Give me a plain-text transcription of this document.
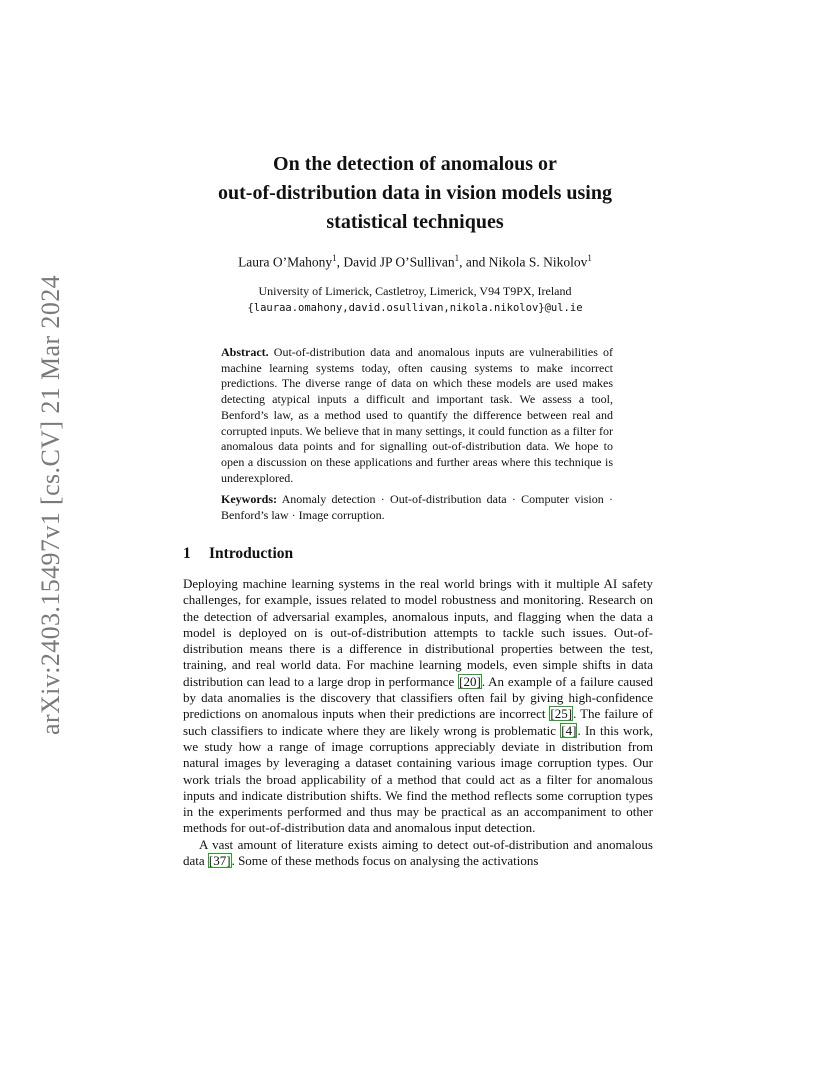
arXiv:2403.15497v1 [cs.CV] 21 Mar 2024
On the detection of anomalous or
out-of-distribution data in vision models using
statistical techniques
Laura O’Mahony$^1$, David JP O’Sullivan$^1$, and Nikola S. Nikolov$^1$
University of Limerick, Castletroy, Limerick, V94 T9PX, Ireland
{lauraa.omahony,david.osullivan,nikola.nikolov}@ul.ie
Abstract. Out-of-distribution data and anomalous inputs are vulnerabilities of machine learning systems today, often causing systems to make incorrect predictions. The diverse range of data on which these models are used makes detecting atypical inputs a difficult and important task. We assess a tool, Benford’s law, as a method used to quantify the difference between real and corrupted inputs. We believe that in many settings, it could function as a filter for anomalous data points and for signalling out-of-distribution data. We hope to open a discussion on these applications and further areas where this technique is underexplored.
Keywords: Anomaly detection · Out-of-distribution data · Computer vision · Benford’s law · Image corruption.
1 Introduction

Deploying machine learning systems in the real world brings with it multiple AI safety challenges, for example, issues related to model robustness and monitoring. Research on the detection of adversarial examples, anomalous inputs, and flagging when the data a model is deployed on is out-of-distribution attempts to tackle such issues. Out-of-distribution means there is a difference in distributional properties between the test, training, and real world data. For machine learning models, even simple shifts in data distribution can lead to a large drop in performance [20]. An example of a failure caused by data anomalies is the discovery that classifiers often fail by giving high-confidence predictions on anomalous inputs when their predictions are incorrect [25]. The failure of such classifiers to indicate where they are likely wrong is problematic [4]. In this work, we study how a range of image corruptions appreciably deviate in distribution from natural images by leveraging a dataset containing various image corruption types. Our work trials the broad applicability of a method that could act as a filter for anomalous inputs and indicate distribution shifts. We find the method reflects some corruption types in the experiments performed and thus may be practical as an accompaniment to other methods for out-of-distribution data and anomalous input detection.

A vast amount of literature exists aiming to detect out-of-distribution and anomalous data [37]. Some of these methods focus on analysing the activations
